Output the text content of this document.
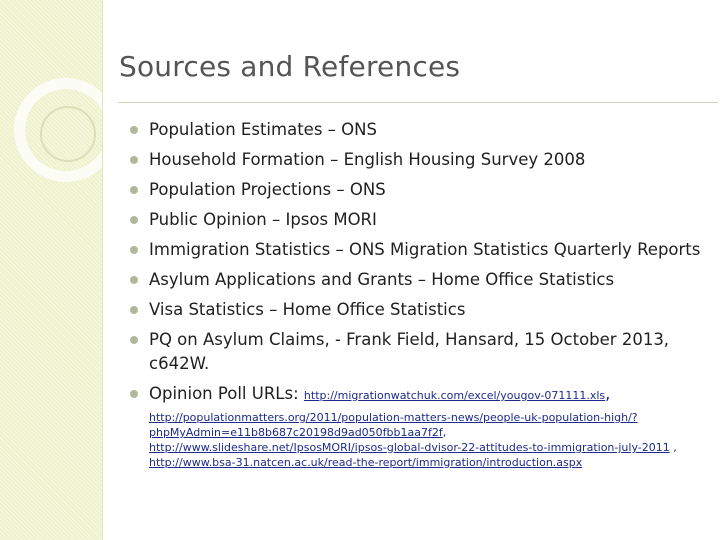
Sources and References
Population Estimates – ONS
Household Formation – English Housing Survey 2008
Population Projections – ONS
Public Opinion – Ipsos MORI
Immigration Statistics – ONS Migration Statistics Quarterly Reports
Asylum Applications and Grants – Home Office Statistics
Visa Statistics – Home Office Statistics
PQ on Asylum Claims, - Frank Field, Hansard, 15 October 2013, c642W.
Opinion Poll URLs: http://migrationwatchuk.com/excel/yougov-071111.xls,
http://populationmatters.org/2011/population-matters-news/people-uk-population-high/?phpMyAdmin=e11b8b687c20198d9ad050fbb1aa7f2f,
http://www.slideshare.net/IpsosMORI/ipsos-global-dvisor-22-attitudes-to-immigration-july-2011 ,
http://www.bsa-31.natcen.ac.uk/read-the-report/immigration/introduction.aspx
